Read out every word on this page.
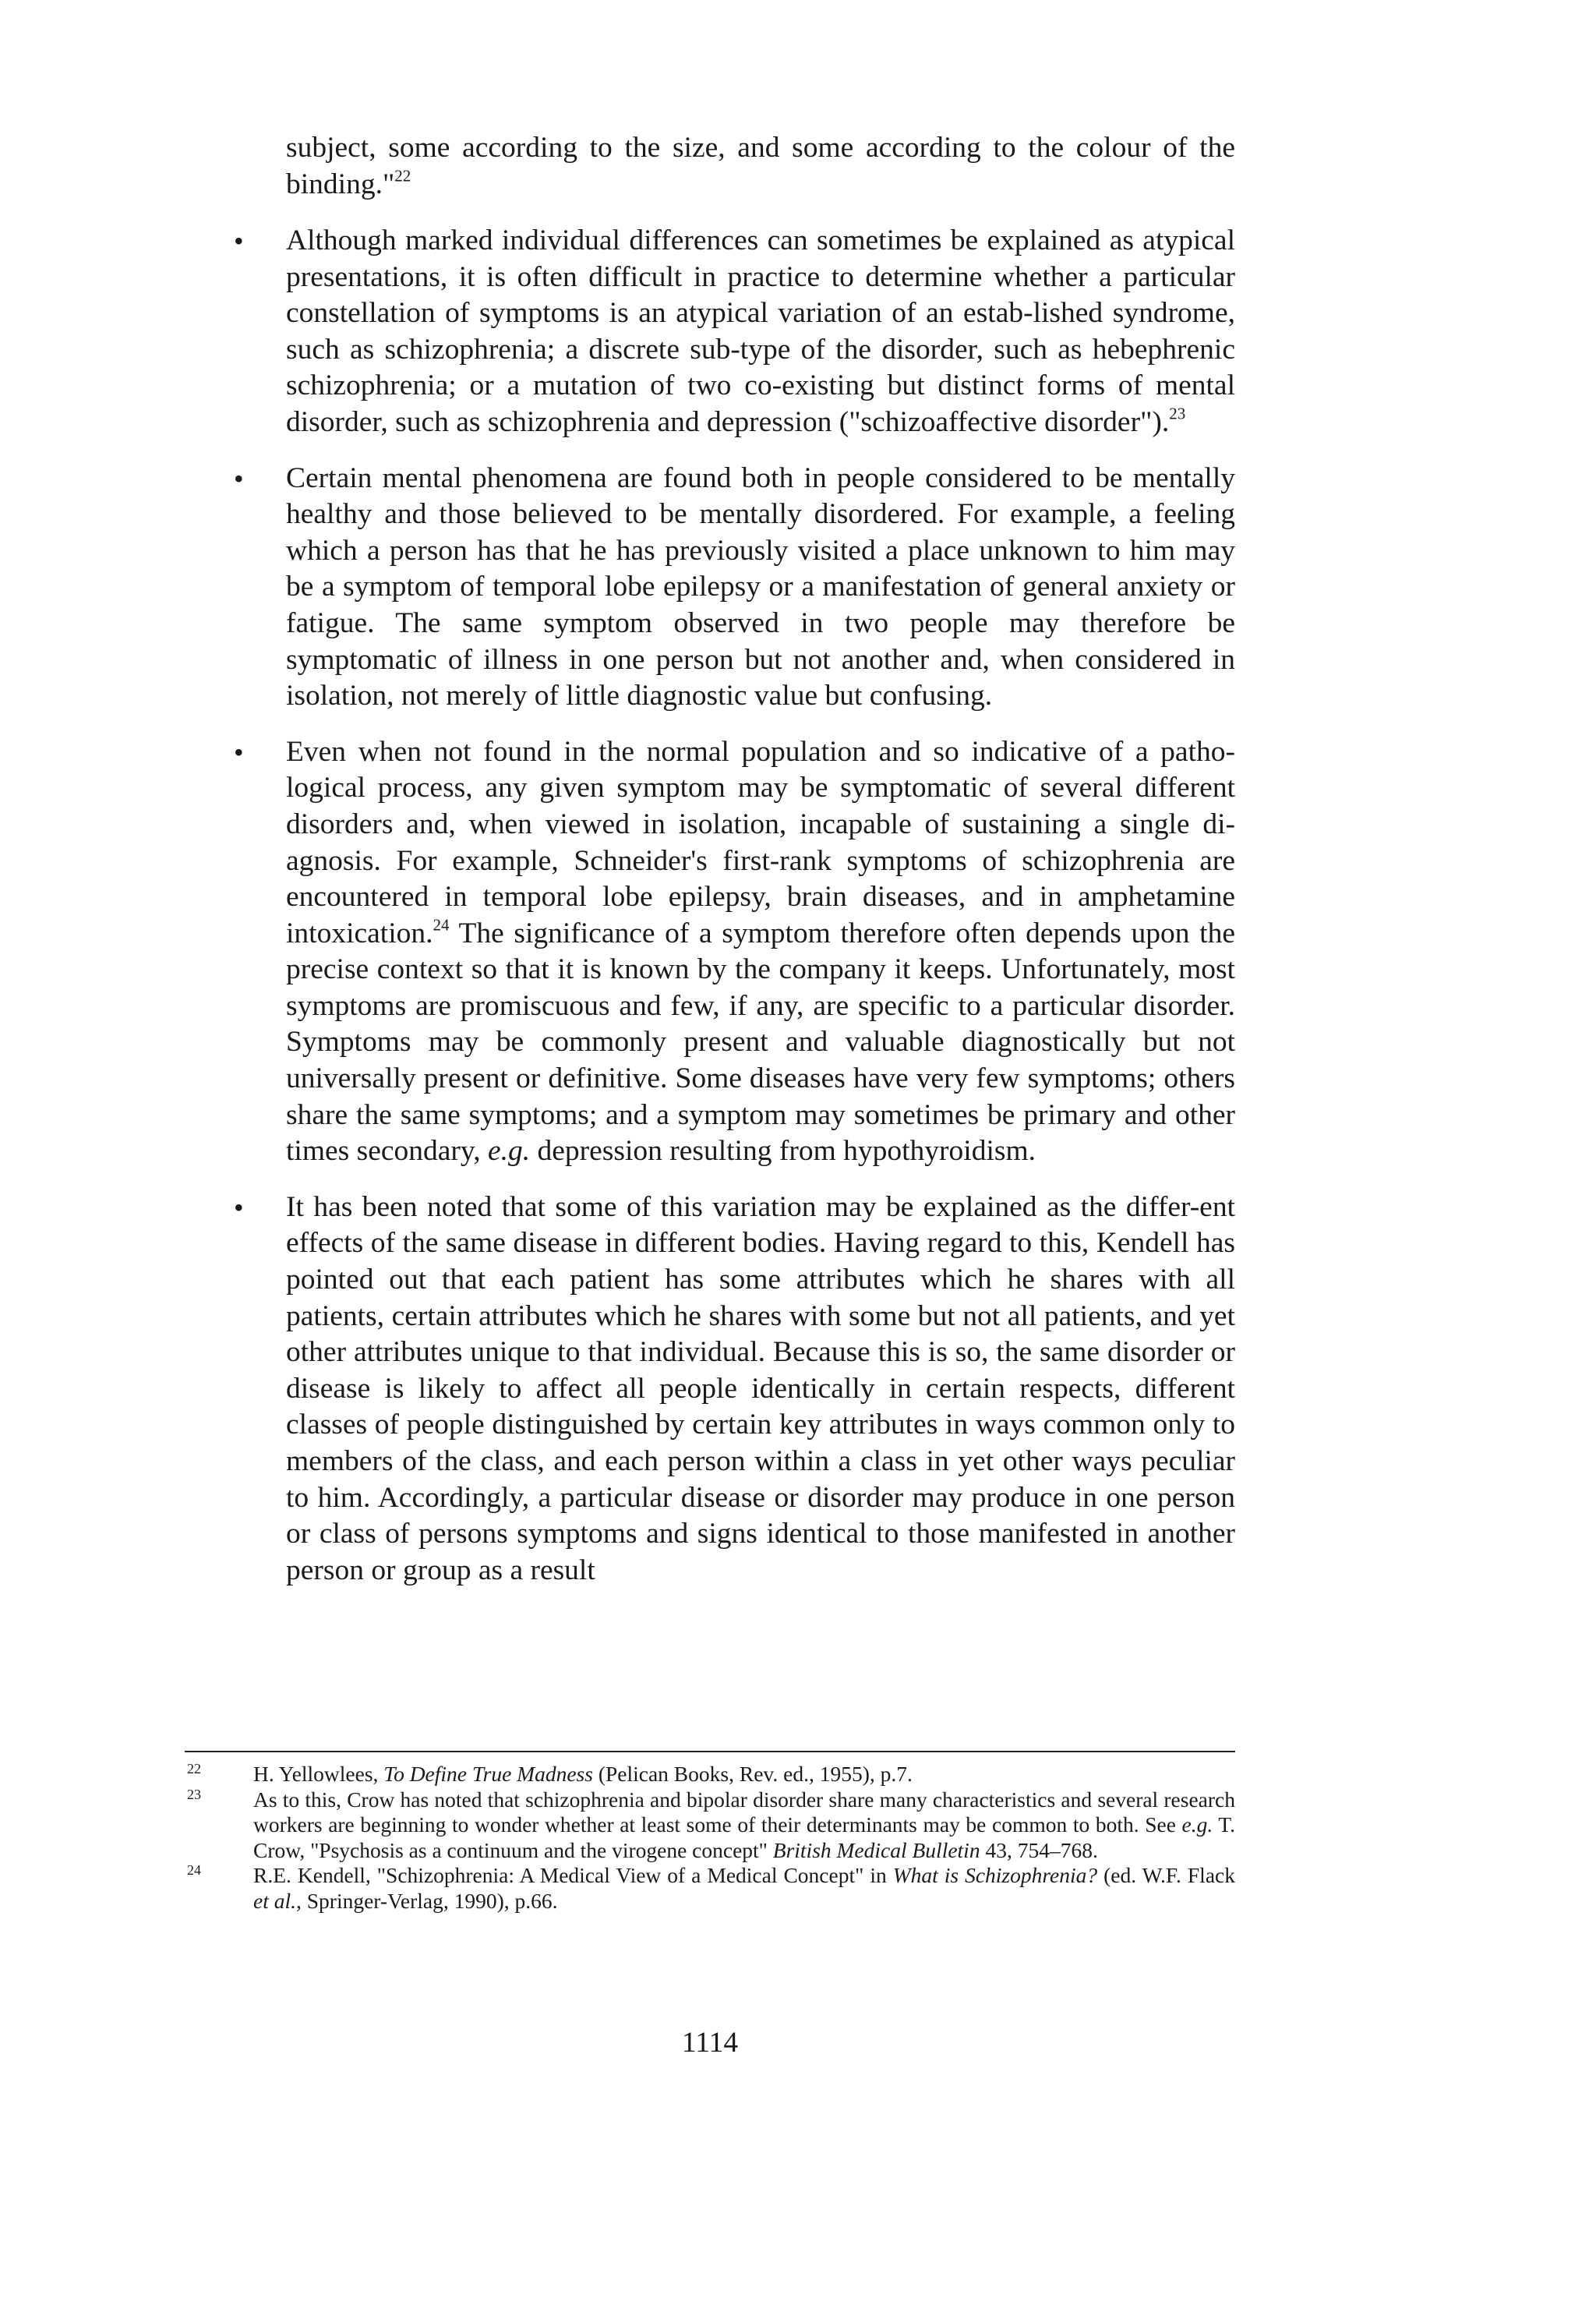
subject, some according to the size, and some according to the colour of the binding."$^{22}$

• Although marked individual differences can sometimes be explained as atypical presentations, it is often difficult in practice to determine whether a particular constellation of symptoms is an atypical variation of an estab-lished syndrome, such as schizophrenia; a discrete sub-type of the disorder, such as hebephrenic schizophrenia; or a mutation of two co-existing but distinct forms of mental disorder, such as schizophrenia and depression ("schizoaffective disorder").$^{23}$
• Certain mental phenomena are found both in people considered to be mentally healthy and those believed to be mentally disordered. For example, a feeling which a person has that he has previously visited a place unknown to him may be a symptom of temporal lobe epilepsy or a manifestation of general anxiety or fatigue. The same symptom observed in two people may therefore be symptomatic of illness in one person but not another and, when considered in isolation, not merely of little diagnostic value but confusing.
• Even when not found in the normal population and so indicative of a patho-logical process, any given symptom may be symptomatic of several different disorders and, when viewed in isolation, incapable of sustaining a single di-agnosis. For example, Schneider's first-rank symptoms of schizophrenia are encountered in temporal lobe epilepsy, brain diseases, and in amphetamine intoxication.$^{24}$ The significance of a symptom therefore often depends upon the precise context so that it is known by the company it keeps. Unfortunately, most symptoms are promiscuous and few, if any, are specific to a particular disorder. Symptoms may be commonly present and valuable diagnostically but not universally present or definitive. Some diseases have very few symptoms; others share the same symptoms; and a symptom may sometimes be primary and other times secondary, e.g. depression resulting from hypothyroidism.
• It has been noted that some of this variation may be explained as the differ-ent effects of the same disease in different bodies. Having regard to this, Kendell has pointed out that each patient has some attributes which he shares with all patients, certain attributes which he shares with some but not all patients, and yet other attributes unique to that individual. Because this is so, the same disorder or disease is likely to affect all people identically in certain respects, different classes of people distinguished by certain key attributes in ways common only to members of the class, and each person within a class in yet other ways peculiar to him. Accordingly, a particular disease or disorder may produce in one person or class of persons symptoms and signs identical to those manifested in another person or group as a result
22 H. Yellowlees, To Define True Madness (Pelican Books, Rev. ed., 1955), p.7.
23 As to this, Crow has noted that schizophrenia and bipolar disorder share many characteristics and several research workers are beginning to wonder whether at least some of their determinants may be common to both. See e.g. T. Crow, "Psychosis as a continuum and the virogene concept" British Medical Bulletin 43, 754–768.
24 R.E. Kendell, "Schizophrenia: A Medical View of a Medical Concept" in What is Schizophrenia? (ed. W.F. Flack et al., Springer-Verlag, 1990), p.66.
1114
